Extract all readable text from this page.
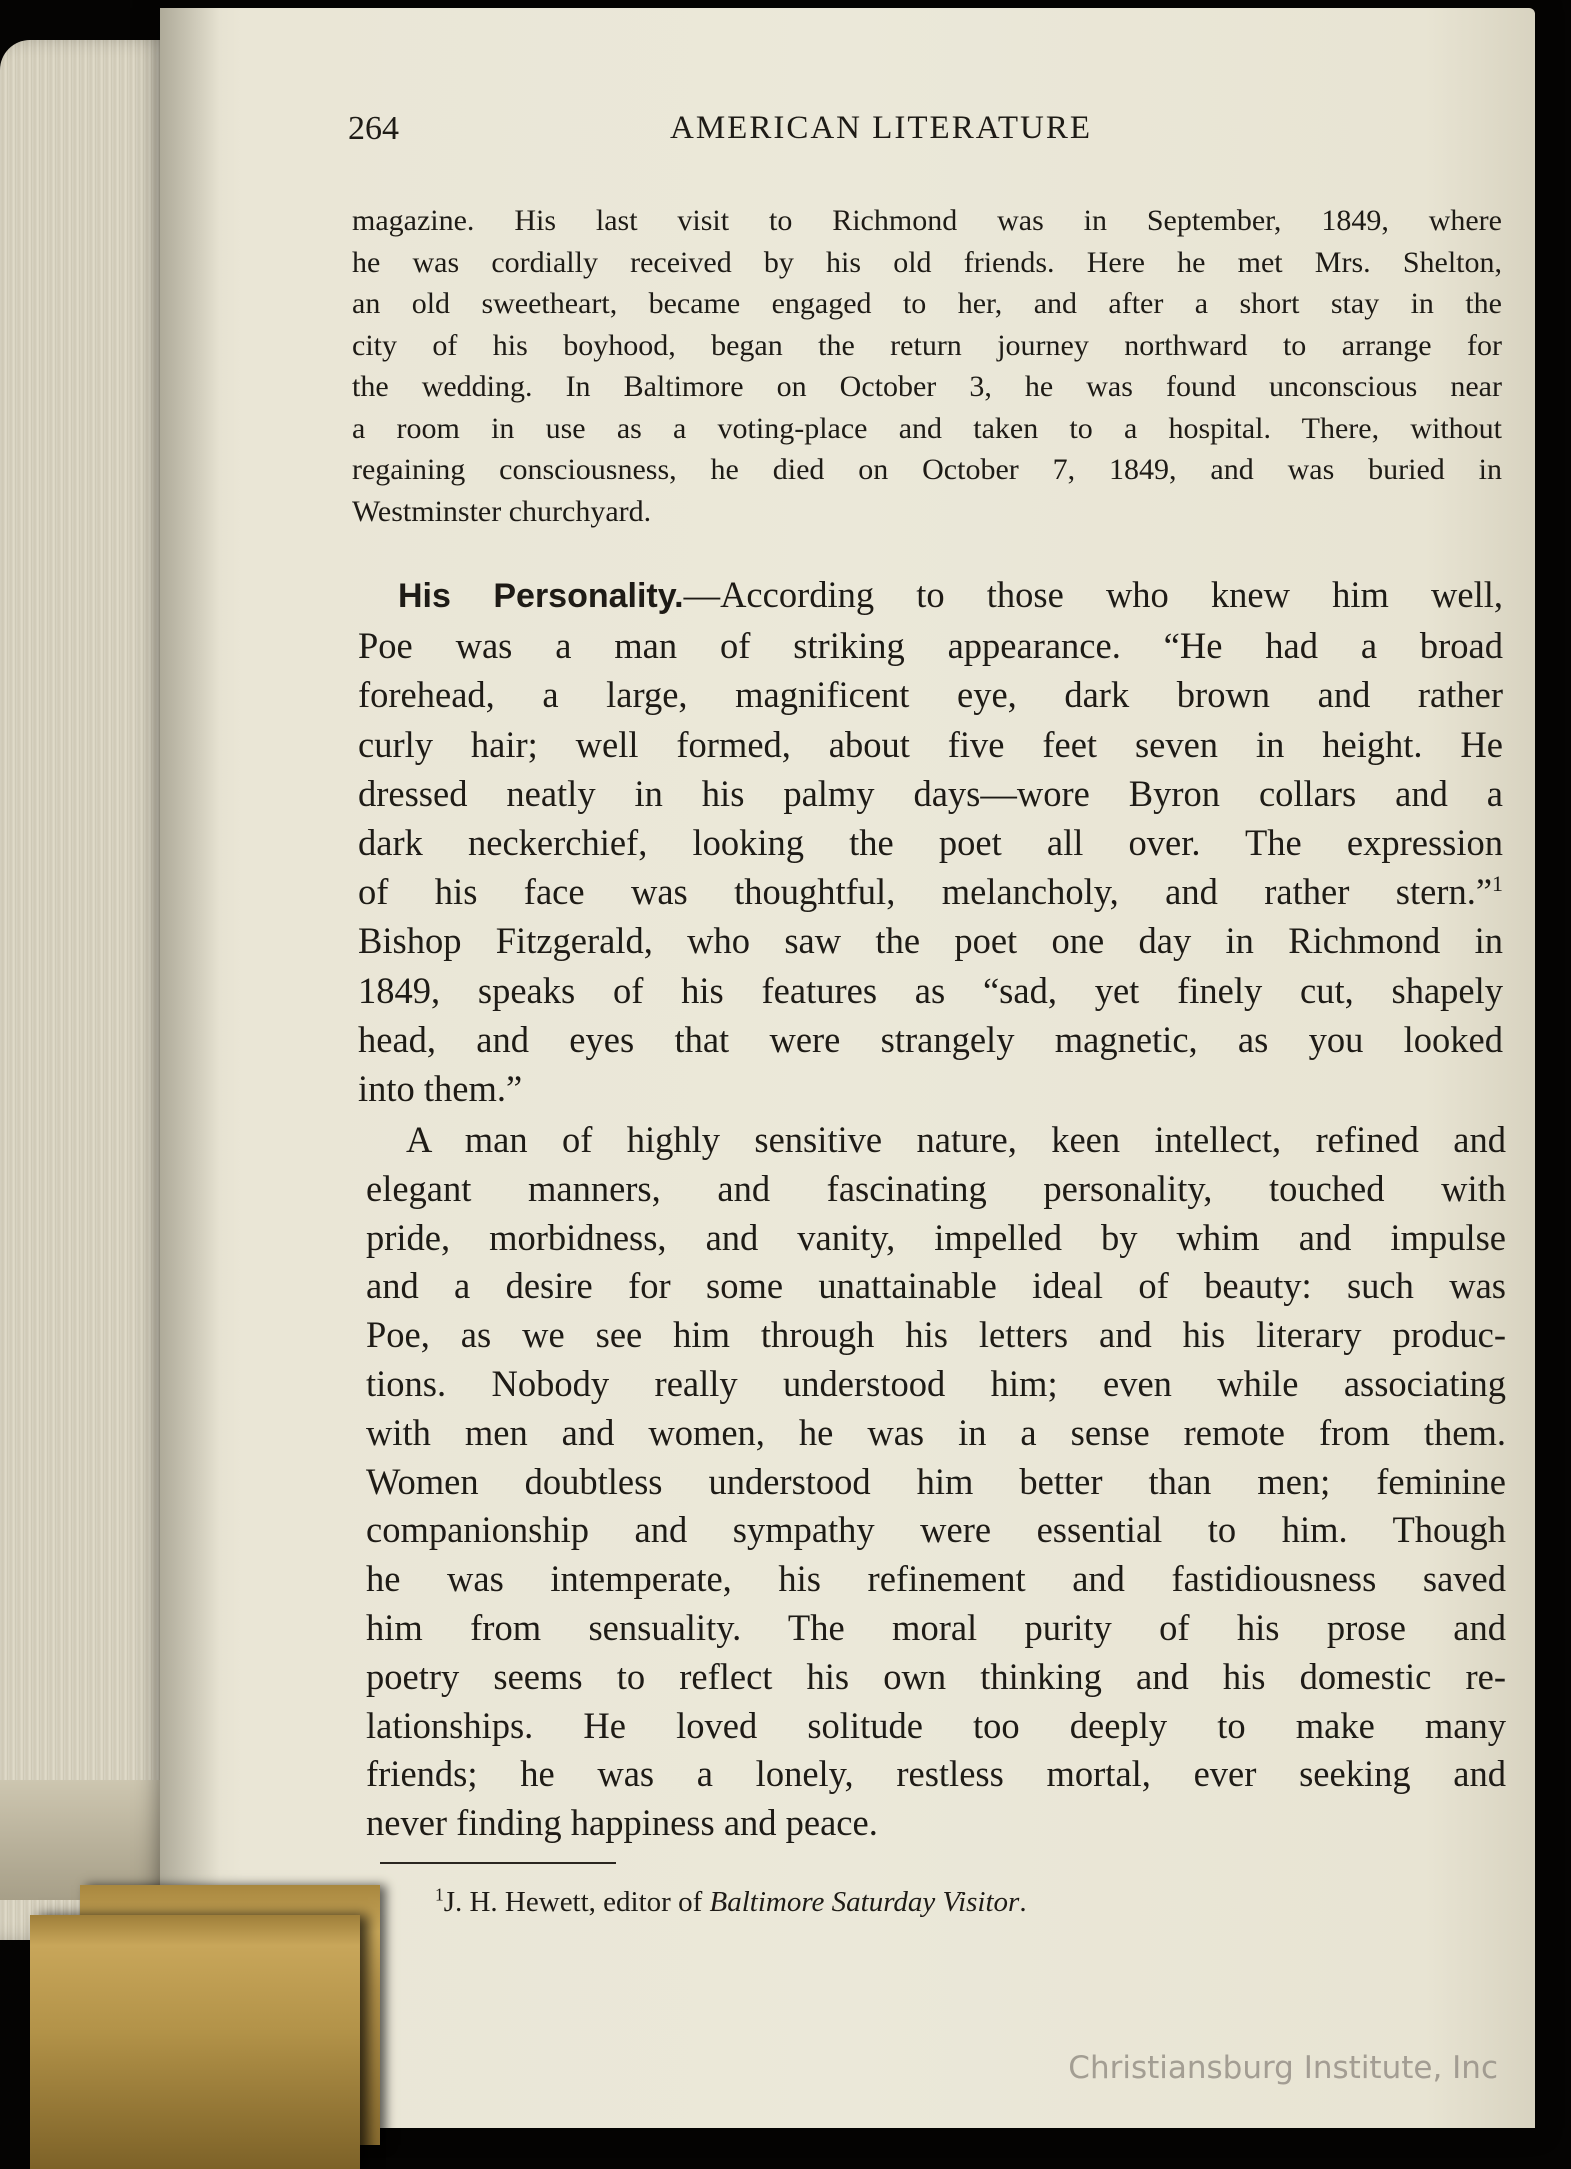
264	AMERICAN LITERATURE
magazine. His last visit to Richmond was in September, 1849, where
he was cordially received by his old friends. Here he met Mrs. Shelton,
an old sweetheart, became engaged to her, and after a short stay in the
city of his boyhood, began the return journey northward to arrange for
the wedding. In Baltimore on October 3, he was found unconscious near
a room in use as a voting-place and taken to a hospital. There, without
regaining consciousness, he died on October 7, 1849, and was buried in
Westminster churchyard.
His Personality.—According to those who knew him well,
Poe was a man of striking appearance. “He had a broad
forehead, a large, magnificent eye, dark brown and rather
curly hair; well formed, about five feet seven in height. He
dressed neatly in his palmy days—wore Byron collars and a
dark neckerchief, looking the poet all over. The expression
of his face was thoughtful, melancholy, and rather stern.”$^1$
Bishop Fitzgerald, who saw the poet one day in Richmond in
1849, speaks of his features as “sad, yet finely cut, shapely
head, and eyes that were strangely magnetic, as you looked
into them.”
A man of highly sensitive nature, keen intellect, refined and
elegant manners, and fascinating personality, touched with
pride, morbidness, and vanity, impelled by whim and impulse
and a desire for some unattainable ideal of beauty: such was
Poe, as we see him through his letters and his literary produc-
tions. Nobody really understood him; even while associating
with men and women, he was in a sense remote from them.
Women doubtless understood him better than men; feminine
companionship and sympathy were essential to him. Though
he was intemperate, his refinement and fastidiousness saved
him from sensuality. The moral purity of his prose and
poetry seems to reflect his own thinking and his domestic re-
lationships. He loved solitude too deeply to make many
friends; he was a lonely, restless mortal, ever seeking and
never finding happiness and peace.
$^1$J. H. Hewett, editor of Baltimore Saturday Visitor.
Christiansburg Institute, Inc
